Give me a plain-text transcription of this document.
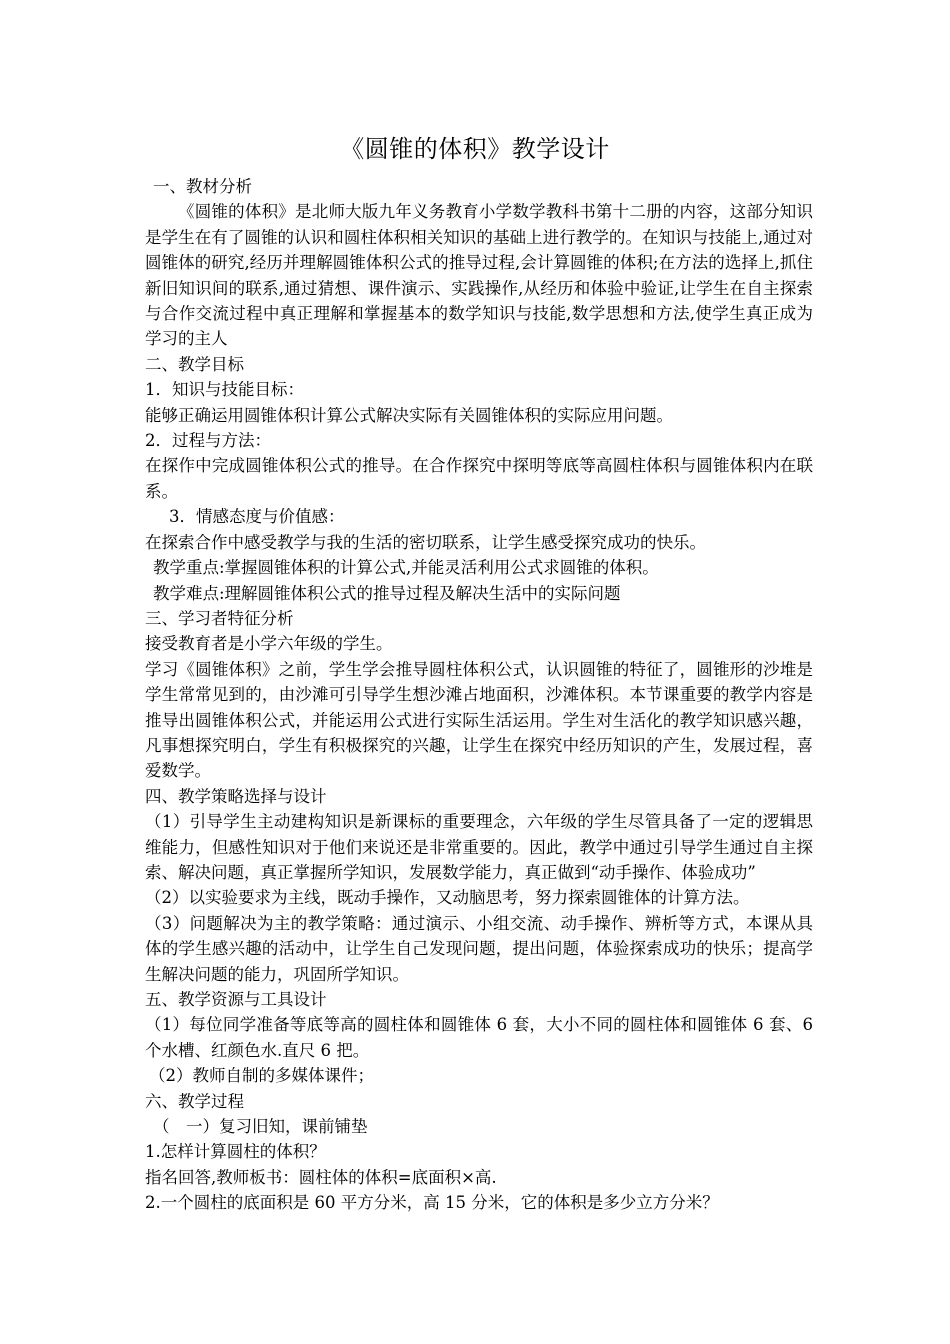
《圆锥的体积》教学设计

一、教材分析

《圆锥的体积》是北师大版九年义务教育小学数学教科书第十二册的内容，这部分知识是学生在有了圆锥的认识和圆柱体积相关知识的基础上进行教学的。在知识与技能上,通过对圆锥体的研究,经历并理解圆锥体积公式的推导过程,会计算圆锥的体积;在方法的选择上,抓住新旧知识间的联系,通过猜想、课件演示、实践操作,从经历和体验中验证,让学生在自主探索与合作交流过程中真正理解和掌握基本的数学知识与技能,数学思想和方法,使学生真正成为学习的主人

二、教学目标

1．知识与技能目标：

能够正确运用圆锥体积计算公式解决实际有关圆锥体积的实际应用问题。

2．过程与方法：

在探作中完成圆锥体积公式的推导。在合作探究中探明等底等高圆柱体积与圆锥体积内在联系。

3．情感态度与价值感：

在探索合作中感受教学与我的生活的密切联系，让学生感受探究成功的快乐。

教学重点:掌握圆锥体积的计算公式,并能灵活利用公式求圆锥的体积。

教学难点:理解圆锥体积公式的推导过程及解决生活中的实际问题

三、学习者特征分析

接受教育者是小学六年级的学生。

学习《圆锥体积》之前，学生学会推导圆柱体积公式，认识圆锥的特征了，圆锥形的沙堆是学生常常见到的，由沙滩可引导学生想沙滩占地面积，沙滩体积。本节课重要的教学内容是推导出圆锥体积公式，并能运用公式进行实际生活运用。学生对生活化的教学知识感兴趣，凡事想探究明白，学生有积极探究的兴趣，让学生在探究中经历知识的产生，发展过程，喜爱数学。

四、教学策略选择与设计

（1）引导学生主动建构知识是新课标的重要理念，六年级的学生尽管具备了一定的逻辑思维能力，但感性知识对于他们来说还是非常重要的。因此，教学中通过引导学生通过自主探索、解决问题，真正掌握所学知识，发展数学能力，真正做到“动手操作、体验成功”

（2）以实验要求为主线，既动手操作，又动脑思考，努力探索圆锥体的计算方法。

（3）问题解决为主的教学策略：通过演示、小组交流、动手操作、辨析等方式，本课从具体的学生感兴趣的活动中，让学生自己发现问题，提出问题，体验探索成功的快乐；提高学生解决问题的能力，巩固所学知识。

五、教学资源与工具设计

（1）每位同学准备等底等高的圆柱体和圆锥体 6 套，大小不同的圆柱体和圆锥体 6 套、6 个水槽、红颜色水.直尺 6 把。

（2）教师自制的多媒体课件；

六、教学过程

（　一）复习旧知，课前铺垫

1.怎样计算圆柱的体积？

指名回答,教师板书：圆柱体的体积=底面积×高.

2.一个圆柱的底面积是 60 平方分米，高 15 分米，它的体积是多少立方分米？
